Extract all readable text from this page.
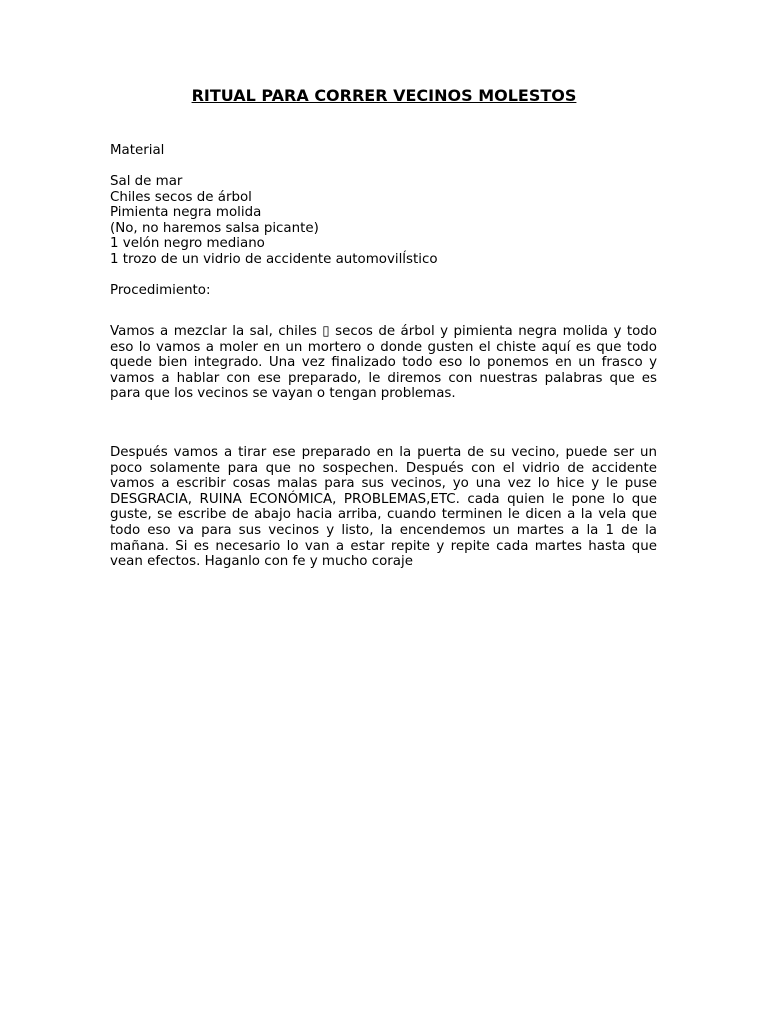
RITUAL PARA CORRER VECINOS MOLESTOS

Material

Sal de mar

Chiles secos de árbol

Pimienta negra molida

(No, no haremos salsa picante)

1 velón negro mediano

1 trozo de un vidrio de accidente automovilĺstico

Procedimiento:

Vamos a mezclar la sal, chiles ▯ secos de árbol y pimienta negra molida y todo eso lo vamos a moler en un mortero o donde gusten el chiste aquí es que todo quede bien integrado. Una vez finalizado todo eso lo ponemos en un frasco y vamos a hablar con ese preparado, le diremos con nuestras palabras que es para que los vecinos se vayan o tengan problemas.

Después vamos a tirar ese preparado en la puerta de su vecino, puede ser un poco solamente para que no sospechen. Después con el vidrio de accidente vamos a escribir cosas malas para sus vecinos, yo una vez lo hice y le puse DESGRACIA, RUINA ECONÓMICA, PROBLEMAS,ETC. cada quien le pone lo que guste, se escribe de abajo hacia arriba, cuando terminen le dicen a la vela que todo eso va para sus vecinos y listo, la encendemos un martes a la 1 de la mañana. Si es necesario lo van a estar repite y repite cada martes hasta que vean efectos. Haganlo con fe y mucho coraje
